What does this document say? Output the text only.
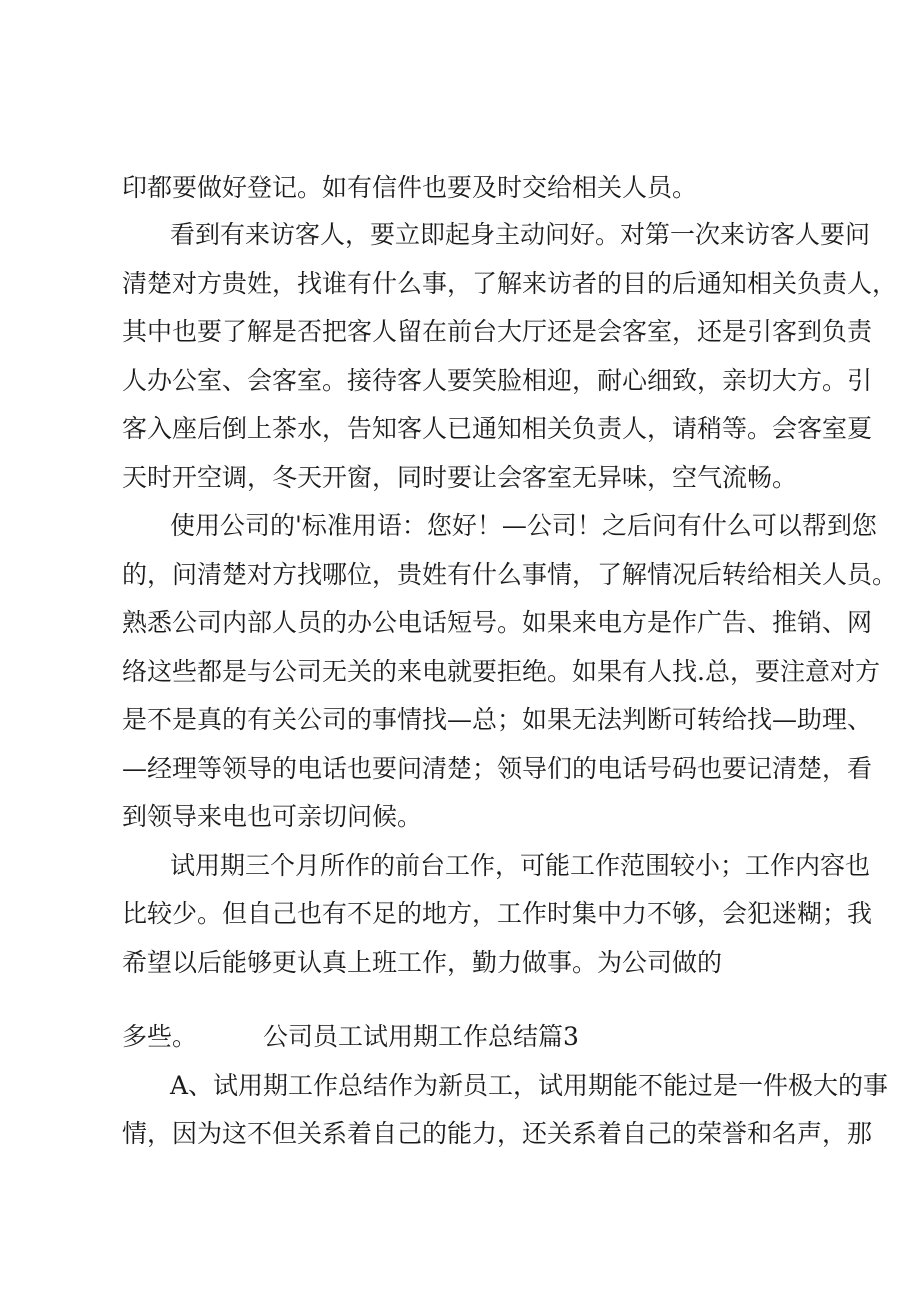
印都要做好登记。如有信件也要及时交给相关人员。
看到有来访客人，要立即起身主动问好。对第一次来访客人要问
清楚对方贵姓，找谁有什么事，了解来访者的目的后通知相关负责人，
其中也要了解是否把客人留在前台大厅还是会客室，还是引客到负责
人办公室、会客室。接待客人要笑脸相迎，耐心细致，亲切大方。引
客入座后倒上茶水，告知客人已通知相关负责人，请稍等。会客室夏
天时开空调，冬天开窗，同时要让会客室无异味，空气流畅。
使用公司的'标准用语：您好！—公司！之后问有什么可以帮到您
的，问清楚对方找哪位，贵姓有什么事情，了解情况后转给相关人员。
熟悉公司内部人员的办公电话短号。如果来电方是作广告、推销、网
络这些都是与公司无关的来电就要拒绝。如果有人找.总，要注意对方
是不是真的有关公司的事情找—总；如果无法判断可转给找—助理、
—经理等领导的电话也要问清楚；领导们的电话号码也要记清楚，看
到领导来电也可亲切问候。
试用期三个月所作的前台工作，可能工作范围较小；工作内容也
比较少。但自己也有不足的地方，工作时集中力不够，会犯迷糊；我
希望以后能够更认真上班工作，勤力做事。为公司做的
多些。	公司员工试用期工作总结篇3
A、试用期工作总结作为新员工，试用期能不能过是一件极大的事
情，因为这不但关系着自己的能力，还关系着自己的荣誉和名声，那
